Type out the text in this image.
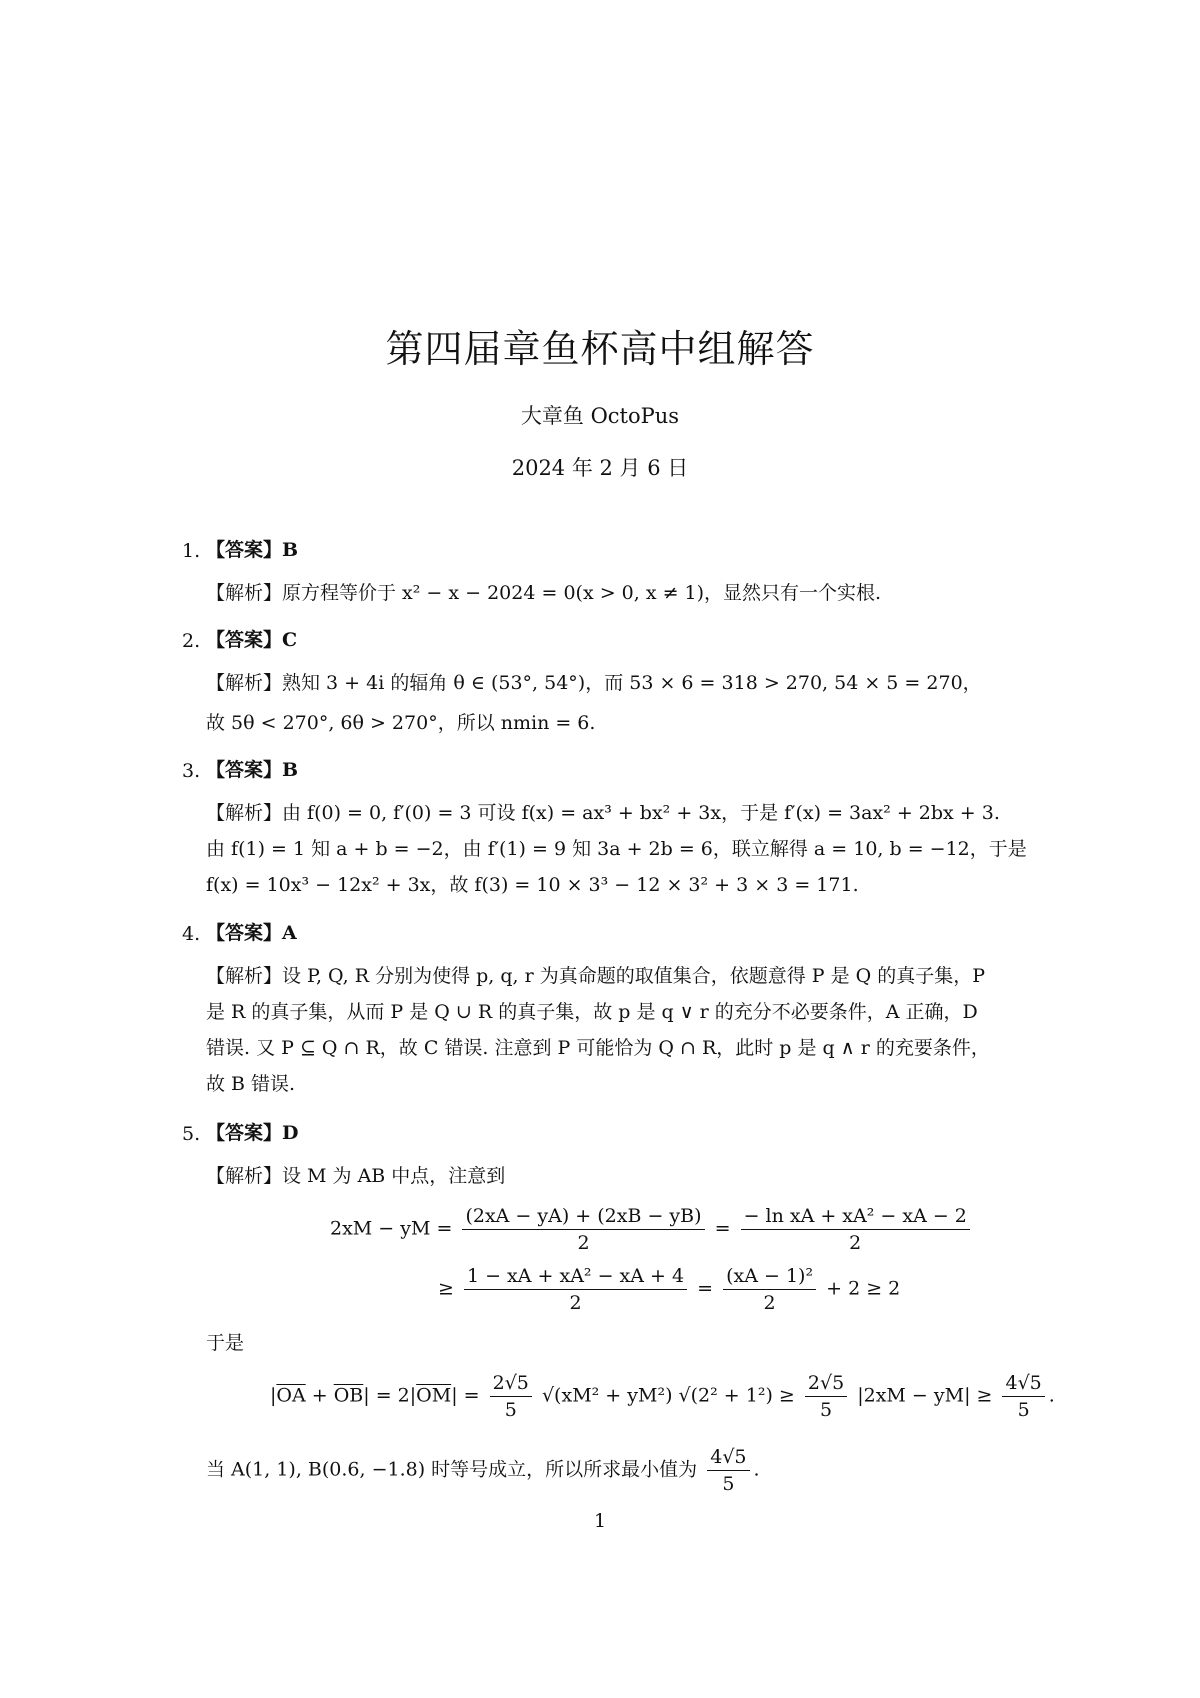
第四届章鱼杯高中组解答
大章鱼 OctoPus
2024 年 2 月 6 日
1. 【答案】B
【解析】原方程等价于 x² − x − 2024 = 0(x > 0, x ≠ 1)，显然只有一个实根.
2. 【答案】C
【解析】熟知 3 + 4i 的辐角 θ ∈ (53°, 54°)，而 53 × 6 = 318 > 270, 54 × 5 = 270，
故 5θ < 270°, 6θ > 270°，所以 nmin = 6.
3. 【答案】B
【解析】由 f(0) = 0, f′(0) = 3 可设 f(x) = ax³ + bx² + 3x，于是 f′(x) = 3ax² + 2bx + 3.
由 f(1) = 1 知 a + b = −2，由 f′(1) = 9 知 3a + 2b = 6，联立解得 a = 10, b = −12，于是
f(x) = 10x³ − 12x² + 3x，故 f(3) = 10 × 3³ − 12 × 3² + 3 × 3 = 171.
4. 【答案】A
【解析】设 P, Q, R 分别为使得 p, q, r 为真命题的取值集合，依题意得 P 是 Q 的真子集，P
是 R 的真子集，从而 P 是 Q ∪ R 的真子集，故 p 是 q ∨ r 的充分不必要条件，A 正确，D
错误. 又 P ⊆ Q ∩ R，故 C 错误. 注意到 P 可能恰为 Q ∩ R，此时 p 是 q ∧ r 的充要条件，
故 B 错误.
5. 【答案】D
【解析】设 M 为 AB 中点，注意到
2xM − yM = $\frac{(2xA - yA) + (2xB - yB)}{2} = \frac{\text{− ln xA + xA² − xA − 2}}{2}$
≥ $\frac{\text{1 − xA + xA² − xA + 4}}{2} = \frac{\text{(xA − 1)²}}{2} + 2 \ge 2$
于是
$|\overline{OA} + \overline{OB}| = 2|\overline{OM}| = \frac{2√5}{5} √(xM^2 + yM^2) √(2^2 + 1^2) \ge \frac{2√5}{5} |2xM - yM| \ge \frac{4√5}{5}$ .
当 A(1, 1), B(0.6, −1.8) 时等号成立，所以所求最小值为 $\frac{4√5}{5}$ .
1
